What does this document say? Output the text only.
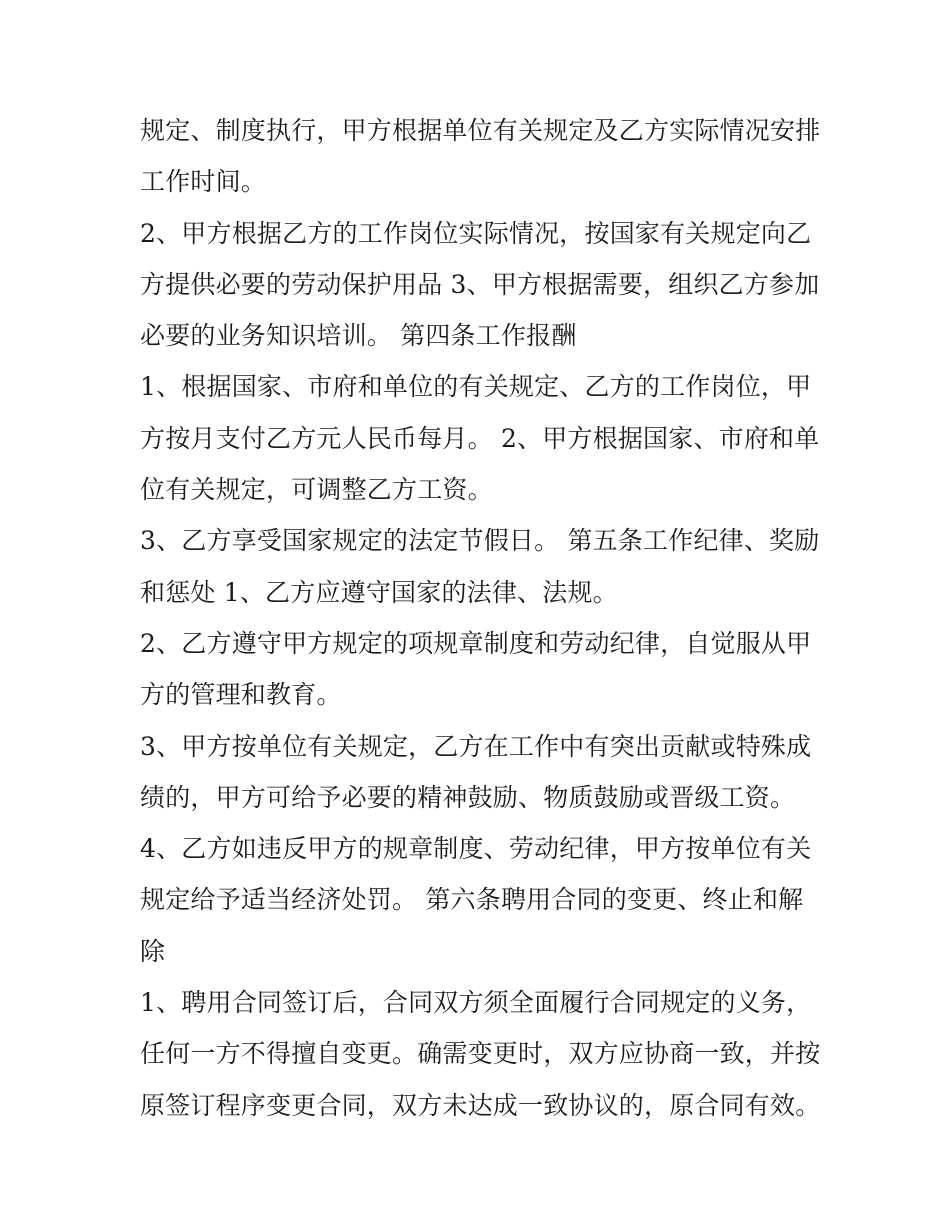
规定、制度执行，甲方根据单位有关规定及乙方实际情况安排
工作时间。
2、甲方根据乙方的工作岗位实际情况，按国家有关规定向乙
方提供必要的劳动保护用品 3、甲方根据需要，组织乙方参加
必要的业务知识培训。 第四条工作报酬
1、根据国家、市府和单位的有关规定、乙方的工作岗位，甲
方按月支付乙方元人民币每月。 2、甲方根据国家、市府和单
位有关规定，可调整乙方工资。
3、乙方享受国家规定的法定节假日。 第五条工作纪律、奖励
和惩处 1、乙方应遵守国家的法律、法规。
2、乙方遵守甲方规定的项规章制度和劳动纪律，自觉服从甲
方的管理和教育。
3、甲方按单位有关规定，乙方在工作中有突出贡献或特殊成
绩的，甲方可给予必要的精神鼓励、物质鼓励或晋级工资。
4、乙方如违反甲方的规章制度、劳动纪律，甲方按单位有关
规定给予适当经济处罚。 第六条聘用合同的变更、终止和解
除
1、聘用合同签订后，合同双方须全面履行合同规定的义务，
任何一方不得擅自变更。确需变更时，双方应协商一致，并按
原签订程序变更合同，双方未达成一致协议的，原合同有效。
